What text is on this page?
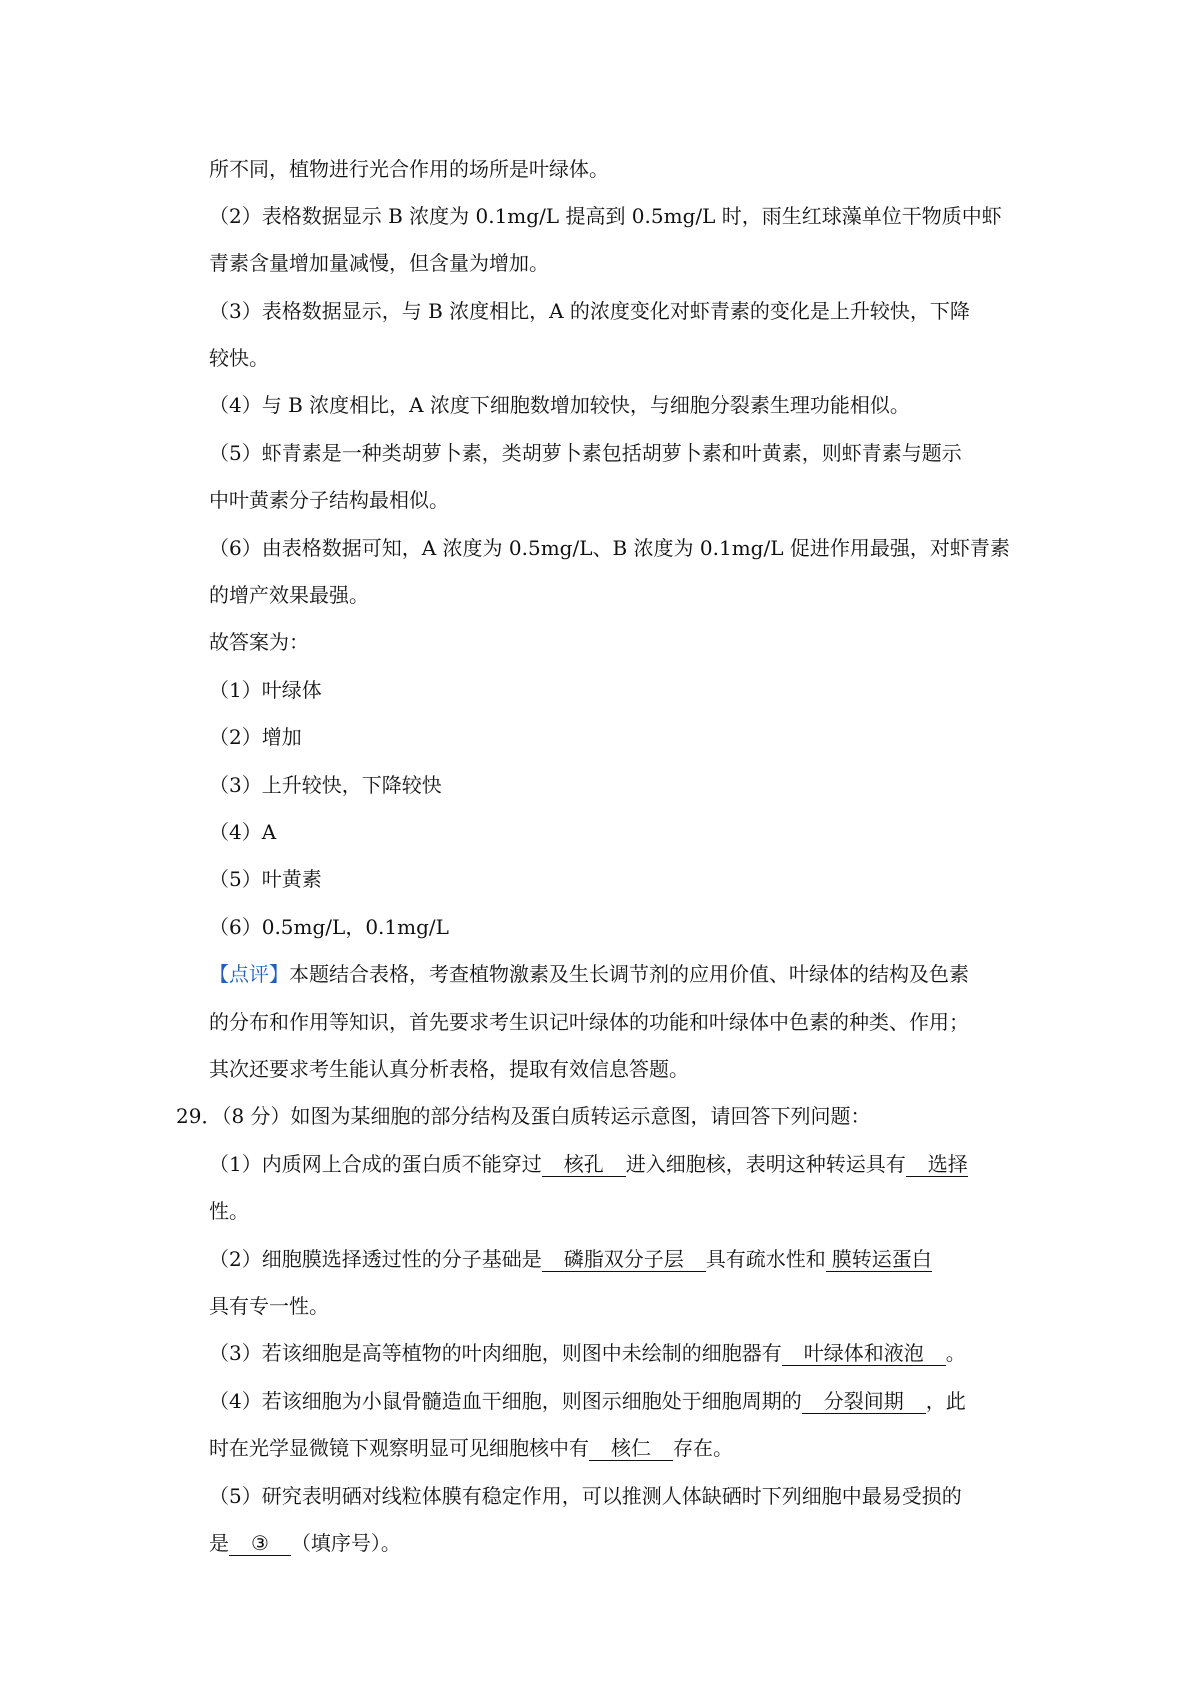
所不同，植物进行光合作用的场所是叶绿体。
（2）表格数据显示 B 浓度为 0.1mg/L 提高到 0.5mg/L 时，雨生红球藻单位干物质中虾
青素含量增加量减慢，但含量为增加。
（3）表格数据显示，与 B 浓度相比，A 的浓度变化对虾青素的变化是上升较快，下降
较快。
（4）与 B 浓度相比，A 浓度下细胞数增加较快，与细胞分裂素生理功能相似。
（5）虾青素是一种类胡萝卜素，类胡萝卜素包括胡萝卜素和叶黄素，则虾青素与题示
中叶黄素分子结构最相似。
（6）由表格数据可知，A 浓度为 0.5mg/L、B 浓度为 0.1mg/L 促进作用最强，对虾青素
的增产效果最强。
故答案为：
（1）叶绿体
（2）增加
（3）上升较快，下降较快
（4）A
（5）叶黄素
（6）0.5mg/L，0.1mg/L
【点评】本题结合表格，考查植物激素及生长调节剂的应用价值、叶绿体的结构及色素
的分布和作用等知识，首先要求考生识记叶绿体的功能和叶绿体中色素的种类、作用；
其次还要求考生能认真分析表格，提取有效信息答题。
29．（8 分）如图为某细胞的部分结构及蛋白质转运示意图，请回答下列问题：
（1）内质网上合成的蛋白质不能穿过 核孔 进入细胞核，表明这种转运具有 选择
性。
（2）细胞膜选择透过性的分子基础是 磷脂双分子层 具有疏水性和 膜转运蛋白
具有专一性。
（3）若该细胞是高等植物的叶肉细胞，则图中未绘制的细胞器有 叶绿体和液泡 。
（4）若该细胞为小鼠骨髓造血干细胞，则图示细胞处于细胞周期的 分裂间期 ，此
时在光学显微镜下观察明显可见细胞核中有 核仁 存在。
（5）研究表明硒对线粒体膜有稳定作用，可以推测人体缺硒时下列细胞中最易受损的
是 ③ （填序号）。
